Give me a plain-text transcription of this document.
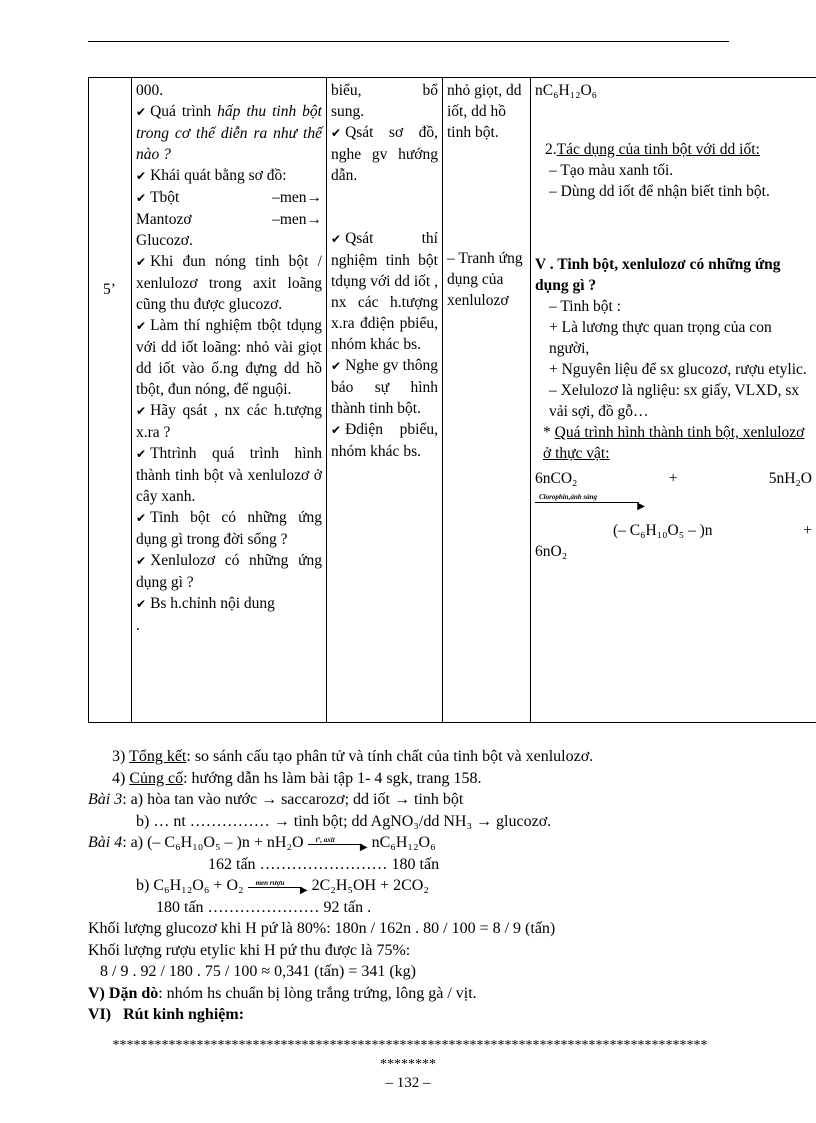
5’

000.
✔ Quá trình hấp thu tinh bột trong cơ thể diễn ra như thế nào ?
✔ Khái quát bằng sơ đồ:
✔ Tbột	–men→
Mantozơ	–men→
Glucozơ.
✔ Khi đun nóng tinh bột / xenlulozơ trong axit loãng cũng thu được glucozơ.
✔ Làm thí nghiệm tbột tdụng với dd iốt loãng: nhỏ vài giọt dd iốt vào ố.ng đựng dd hồ tbột, đun nóng, để nguội.
✔ Hãy qsát , nx các h.tượng x.ra ?
✔ Thtrình quá trình hình thành tinh bột và xenlulozơ ở cây xanh.
✔ Tinh bột có những ứng dụng gì trong đời sống ?
✔ Xenlulozơ có những ứng dụng gì ?
✔ Bs h.chỉnh nội dung
.

biểu,	bổ
sung.
✔ Qsát sơ đồ, nghe gv hướng dẫn.
✔ Qsát thí nghiệm tinh bột tdụng với dd iốt , nx các h.tượng x.ra đdiện pbiểu, nhóm khác bs.
✔ Nghe gv thông báo sự hình thành tinh bột.
✔ Đdiện pbiểu, nhóm khác bs.

nhỏ giọt, dd iốt, dd hồ tinh bột.
– Tranh ứng dụng của xenlulozơ

nC₆H₁₂O₆
2.Tác dụng của tinh bột với dd iốt:
– Tạo màu xanh tối.
– Dùng dd iốt để nhận biết tinh bột.
V . Tinh bột, xenlulozơ có những ứng dụng gì ?
– Tinh bột :
+ Là lương thực quan trọng của con người,
+ Nguyên liệu để sx glucozơ, rượu etylic.
– Xelulozơ là ngliệu: sx giấy, VLXD, sx vải sợi, đồ gỗ…
* Quá trình hình thành tinh bột, xenlulozơ ở thực vật:
6nCO₂	+	5nH₂O
Clorophin,ánh sáng
▶
(– C₆H₁₀O₅ – )n	+
6nO₂
3) Tổng kết: so sánh cấu tạo phân tử và tính chất của tinh bột và xenlulozơ.
4) Củng cố: hướng dẫn hs làm bài tập 1- 4 sgk, trang 158.
Bài 3: a) hòa tan vào nước → saccarozơ; dd iốt → tinh bột
b) … nt …………… → tinh bột; dd AgNO₃/dd NH₃ → glucozơ.
Bài 4: a) (– C₆H₁₀O₅ – )n + nH₂O t°, axit
▶ nC₆H₁₂O₆
162 tấn …………………… 180 tấn
b) C₆H₁₂O₆ + O₂ men rượu
▶ 2C₂H₅OH + 2CO₂
180 tấn ………………… 92 tấn .
Khối lượng glucozơ khi H pứ là 80%: 180n / 162n . 80 / 100 = 8 / 9 (tấn)
Khối lượng rượu etylic khi H pứ thu được là 75%:
8 / 9 . 92 / 180 . 75 / 100 ≈ 0,341 (tấn) = 341 (kg)
V) Dặn dò: nhóm hs chuẩn bị lòng trắng trứng, lông gà / vịt.
VI) Rút kinh nghiệm:
*************************************************************************************
********
– 132 –
